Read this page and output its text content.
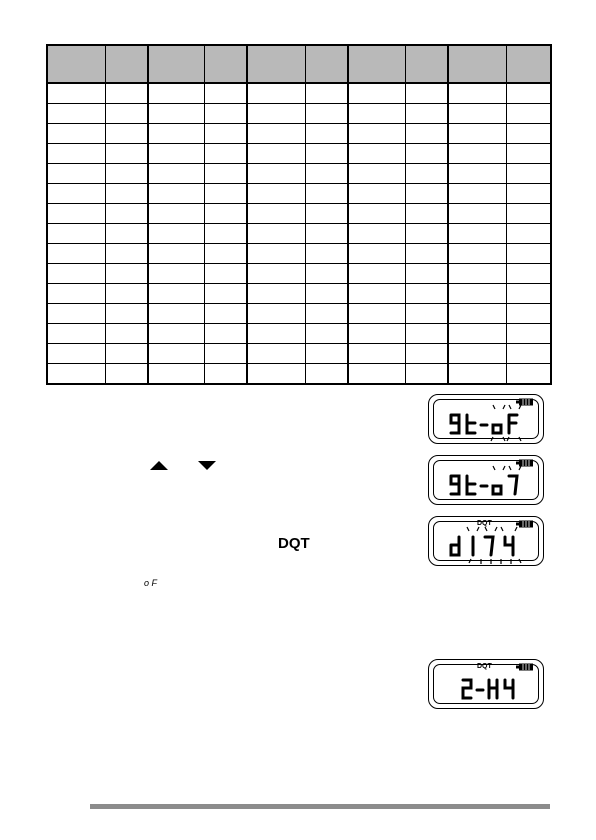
DQT
DQT
DQT
o F
